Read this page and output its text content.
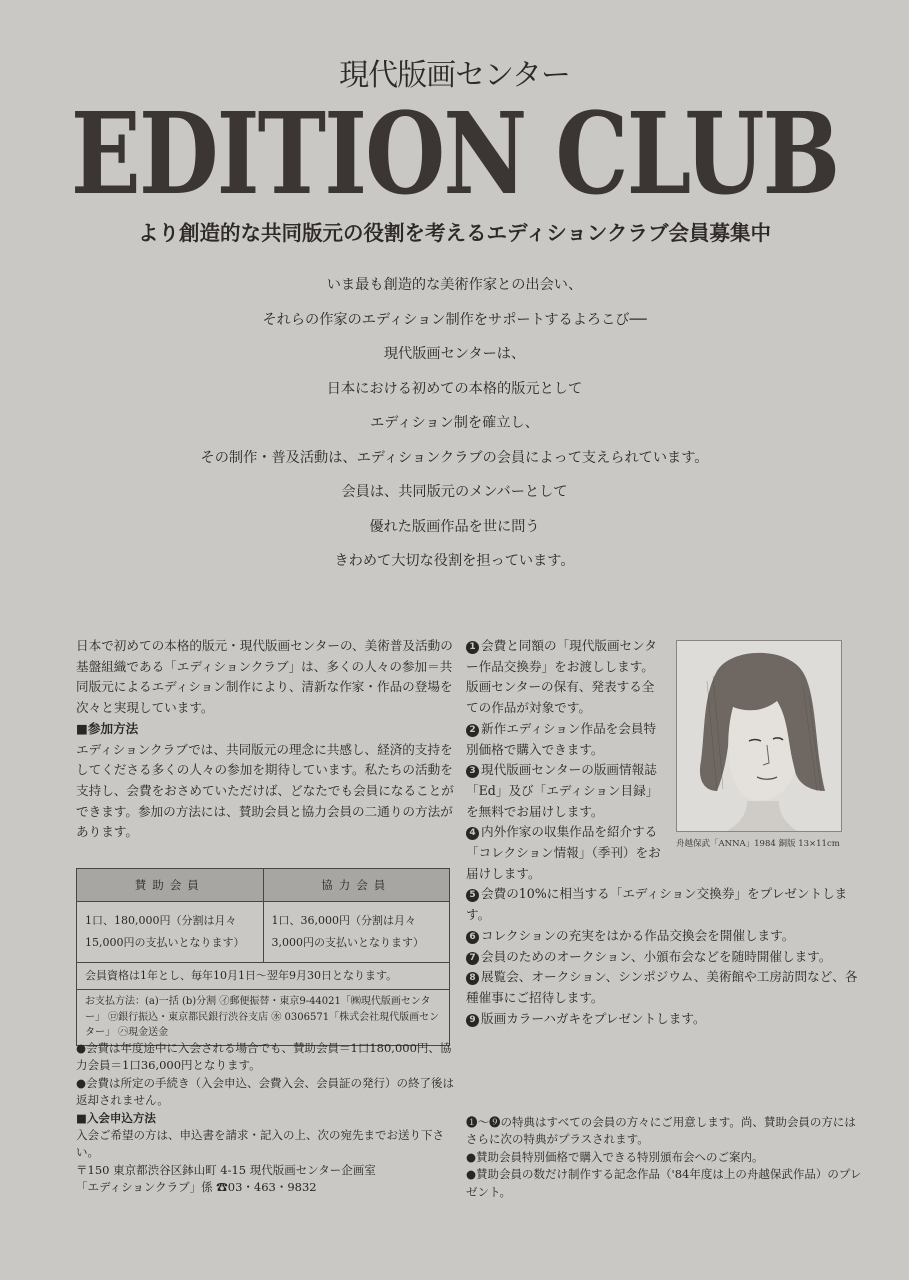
現代版画センター
EDITION CLUB
より創造的な共同版元の役割を考えるエディションクラブ会員募集中
いま最も創造的な美術作家との出会い、
それらの作家のエディション制作をサポートするよろこび──
現代版画センターは、
日本における初めての本格的版元として
エディション制を確立し、
その制作・普及活動は、エディションクラブの会員によって支えられています。
会員は、共同版元のメンバーとして
優れた版画作品を世に問う
きわめて大切な役割を担っています。

日本で初めての本格的版元・現代版画センターの、美術普及活動の基盤組織である「エディションクラブ」は、多くの人々の参加＝共同版元によるエディション制作により、清新な作家・作品の登場を次々と実現しています。

■参加方法

エディションクラブでは、共同版元の理念に共感し、経済的支持をしてくださる多くの人々の参加を期待しています。私たちの活動を支持し、会費をおさめていただけば、どなたでも会員になることができます。参加の方法には、賛助会員と協力会員の二通りの方法があります。

賛助会員	協力会員
1口、180,000円（分割は月々15,000円の支払いとなります）
1口、36,000円（分割は月々3,000円の支払いとなります）
会員資格は1年とし、毎年10月1日～翌年9月30日となります。
お支払方法：(a)一括 (b)分割 ㋑郵便振替・東京9-44021「㈱現代版画センター」 ㋺銀行振込・東京都民銀行渋谷支店 ㊌ 0306571「株式会社現代版画センター」 ㋩現金送金

●会費は年度途中に入会される場合でも、賛助会員＝1口180,000円、協力会員＝1口36,000円となります。

●会費は所定の手続き（入会申込、会費入会、会員証の発行）の終了後は返却されません。

■入会申込方法

入会ご希望の方は、申込書を請求・記入の上、次の宛先までお送り下さい。

〒150 東京都渋谷区鉢山町 4-15 現代版画センター企画室

「エディションクラブ」係 ☎03・463・9832

1 会費と同額の「現代版画センター作品交換券」をお渡しします。版画センターの保有、発表する全ての作品が対象です。

2 新作エディション作品を会員特別価格で購入できます。

3 現代版画センターの版画情報誌「Ed」及び「エディション目録」を無料でお届けします。

4 内外作家の収集作品を紹介する「コレクション情報」（季刊）をお届けします。

5 会費の10%に相当する「エディション交換券」をプレゼントします。

6 コレクションの充実をはかる作品交換会を開催します。

7 会員のためのオークション、小頒布会などを随時開催します。

8 展覧会、オークション、シンポジウム、美術館や工房訪問など、各種催事にご招待します。

9 版画カラーハガキをプレゼントします。

舟越保武「ANNA」1984 銅版 13×11cm

❶～❾の特典はすべての会員の方々にご用意します。尚、賛助会員の方にはさらに次の特典がプラスされます。

●賛助会員特別価格で購入できる特別頒布会へのご案内。

●賛助会員の数だけ制作する記念作品（'84年度は上の舟越保武作品）のプレゼント。
